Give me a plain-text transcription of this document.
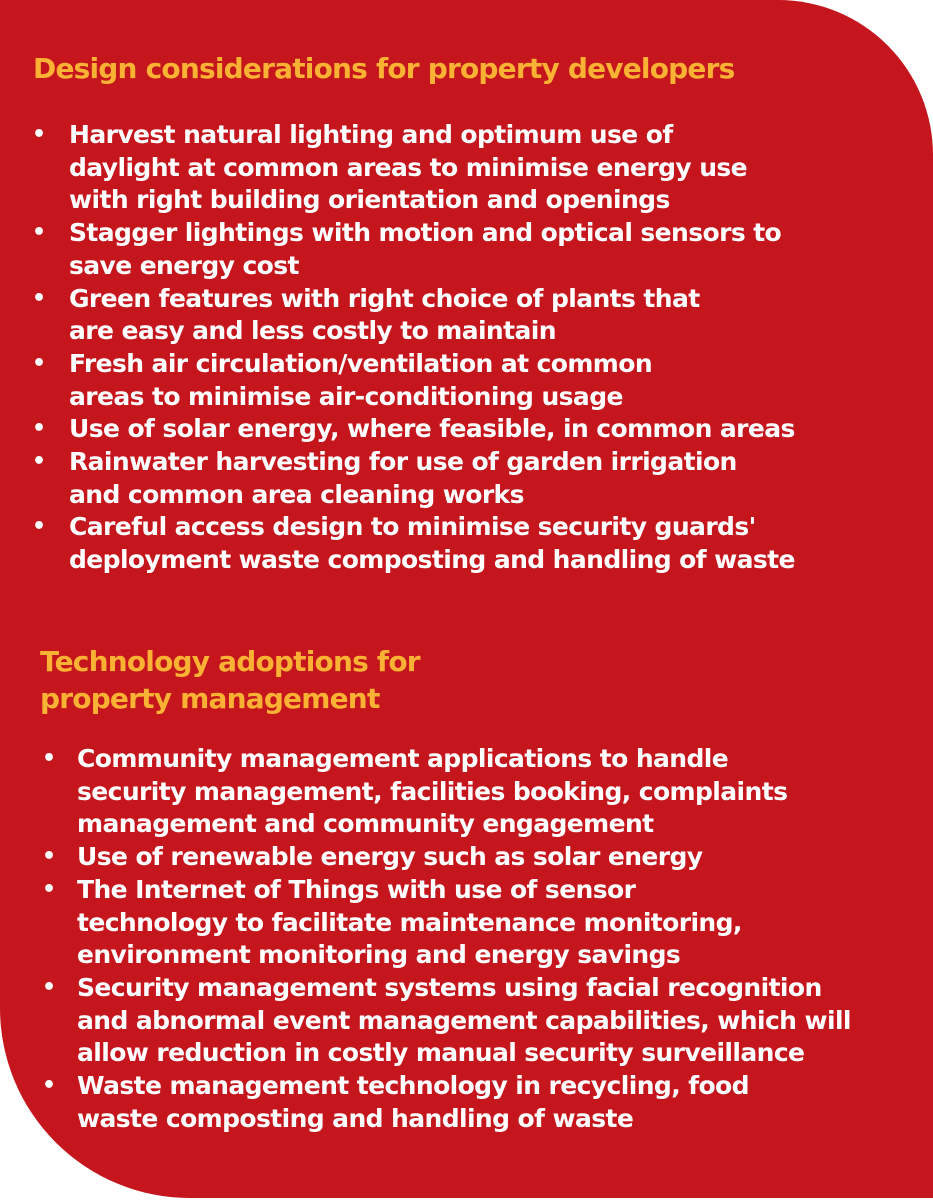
Design considerations for property developers
• Harvest natural lighting and optimum use of
daylight at common areas to minimise energy use
with right building orientation and openings
• Stagger lightings with motion and optical sensors to
save energy cost
• Green features with right choice of plants that
are easy and less costly to maintain
• Fresh air circulation/ventilation at common
areas to minimise air-conditioning usage
• Use of solar energy, where feasible, in common areas
• Rainwater harvesting for use of garden irrigation
and common area cleaning works
• Careful access design to minimise security guards'
deployment waste composting and handling of waste
Technology adoptions for
property management
• Community management applications to handle
security management, facilities booking, complaints
management and community engagement
• Use of renewable energy such as solar energy
• The Internet of Things with use of sensor
technology to facilitate maintenance monitoring,
environment monitoring and energy savings
• Security management systems using facial recognition
and abnormal event management capabilities, which will
allow reduction in costly manual security surveillance
• Waste management technology in recycling, food
waste composting and handling of waste
